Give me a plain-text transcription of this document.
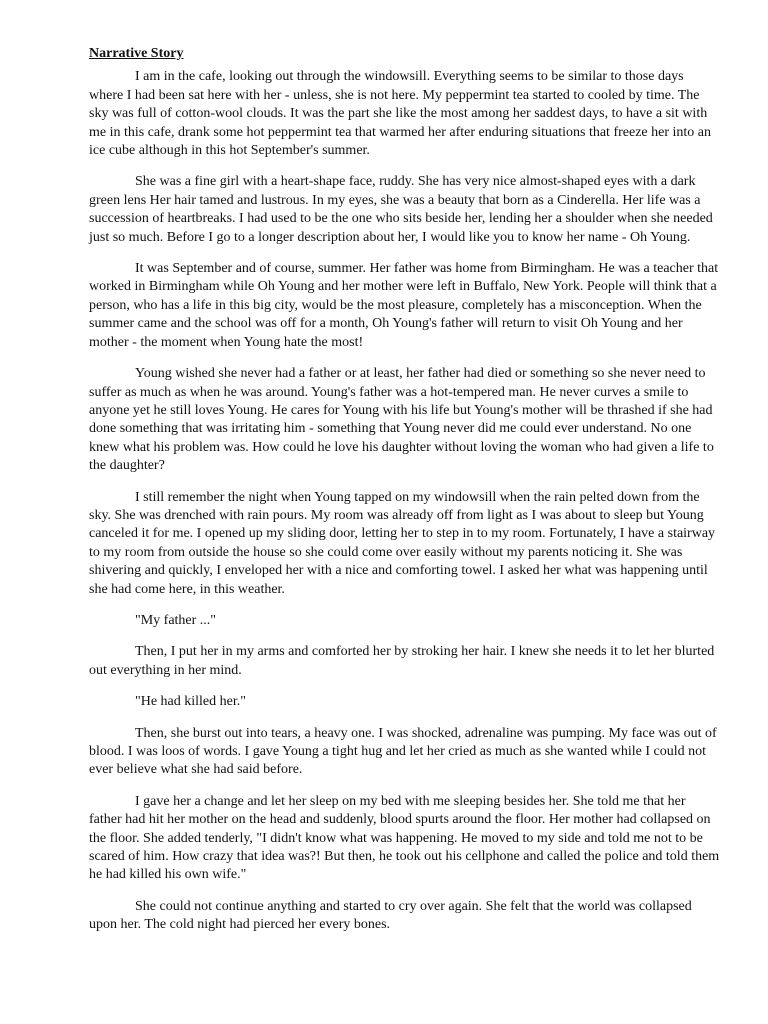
Narrative Story

I am in the cafe, looking out through the windowsill. Everything seems to be similar to those days where I had been sat here with her - unless, she is not here. My peppermint tea started to cooled by time. The sky was full of cotton-wool clouds. It was the part she like the most among her saddest days, to have a sit with me in this cafe, drank some hot peppermint tea that warmed her after enduring situations that freeze her into an ice cube although in this hot September's summer.

She was a fine girl with a heart-shape face, ruddy. She has very nice almost-shaped eyes with a dark green lens Her hair tamed and lustrous. In my eyes, she was a beauty that born as a Cinderella. Her life was a succession of heartbreaks. I had used to be the one who sits beside her, lending her a shoulder when she needed just so much. Before I go to a longer description about her, I would like you to know her name - Oh Young.

It was September and of course, summer. Her father was home from Birmingham. He was a teacher that worked in Birmingham while Oh Young and her mother were left in Buffalo, New York. People will think that a person, who has a life in this big city, would be the most pleasure, completely has a misconception. When the summer came and the school was off for a month, Oh Young's father will return to visit Oh Young and her mother - the moment when Young hate the most!

Young wished she never had a father or at least, her father had died or something so she never need to suffer as much as when he was around. Young's father was a hot-tempered man. He never curves a smile to anyone yet he still loves Young. He cares for Young with his life but Young's mother will be thrashed if she had done something that was irritating him - something that Young never did me could ever understand. No one knew what his problem was. How could he love his daughter without loving the woman who had given a life to the daughter?

I still remember the night when Young tapped on my windowsill when the rain pelted down from the sky. She was drenched with rain pours. My room was already off from light as I was about to sleep but Young canceled it for me. I opened up my sliding door, letting her to step in to my room. Fortunately, I have a stairway to my room from outside the house so she could come over easily without my parents noticing it. She was shivering and quickly, I enveloped her with a nice and comforting towel. I asked her what was happening until she had come here, in this weather.

"My father ..."

Then, I put her in my arms and comforted her by stroking her hair. I knew she needs it to let her blurted out everything in her mind.

"He had killed her."

Then, she burst out into tears, a heavy one. I was shocked, adrenaline was pumping. My face was out of blood. I was loos of words. I gave Young a tight hug and let her cried as much as she wanted while I could not ever believe what she had said before.

I gave her a change and let her sleep on my bed with me sleeping besides her. She told me that her father had hit her mother on the head and suddenly, blood spurts around the floor. Her mother had collapsed on the floor. She added tenderly, "I didn't know what was happening. He moved to my side and told me not to be scared of him. How crazy that idea was?! But then, he took out his cellphone and called the police and told them he had killed his own wife."

She could not continue anything and started to cry over again. She felt that the world was collapsed upon her. The cold night had pierced her every bones.
